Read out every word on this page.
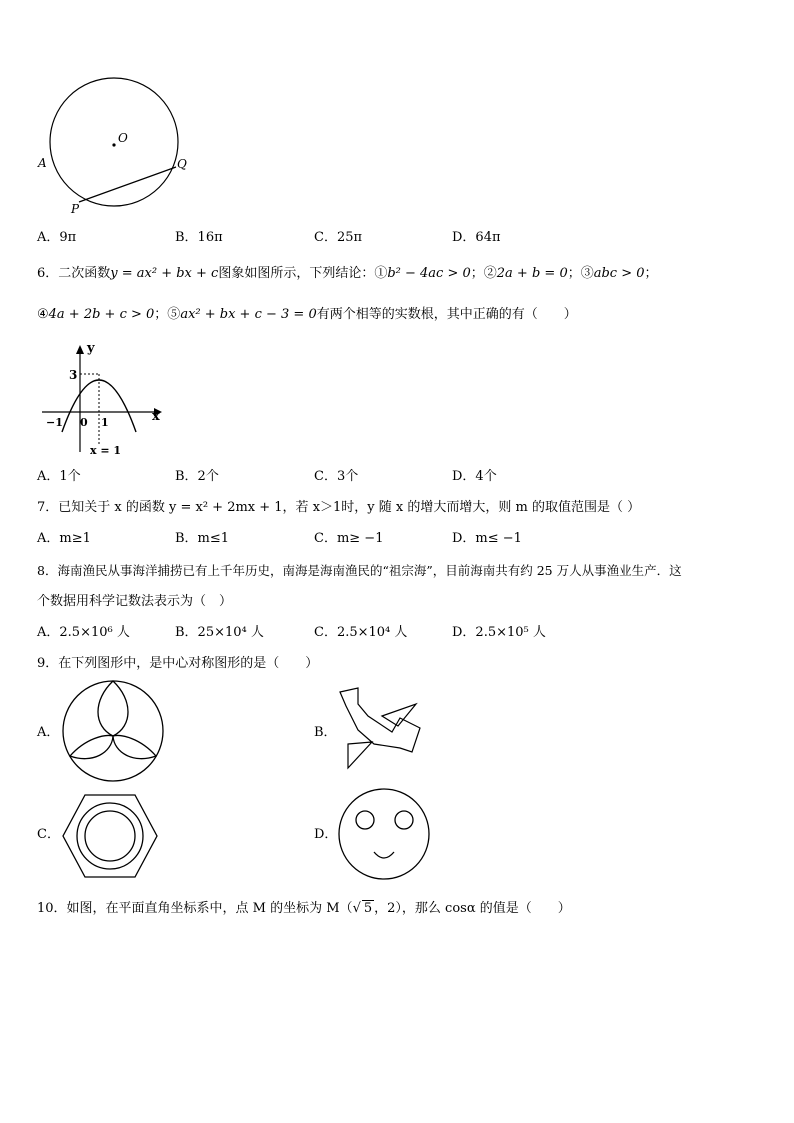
O
A	Q
P
A．9π	B．16π	C．25π	D．64π
6．二次函数y = ax² + bx + c图象如图所示，下列结论：①b² − 4ac > 0；②2a + b = 0；③abc > 0；
④4a + 2b + c > 0；⑤ax² + bx + c − 3 = 0有两个相等的实数根，其中正确的有（　　）
y
x
3
−1 0 1
x = 1
A．1个	B．2个	C．3个	D．4个
7．已知关于 x 的函数 y = x² + 2mx + 1，若 x＞1时，y 随 x 的增大而增大，则 m 的取值范围是（ ）
A．m≥1	B．m≤1	C．m≥ −1	D．m≤ −1
8．海南渔民从事海洋捕捞已有上千年历史，南海是海南渔民的“祖宗海”，目前海南共有约 25 万人从事渔业生产．这
个数据用科学记数法表示为（　）
A．2.5×10⁶ 人	B．25×10⁴ 人	C．2.5×10⁴ 人	D．2.5×10⁵ 人
9．在下列图形中，是中心对称图形的是（　　）
A．	B．
C．	D．
10．如图，在平面直角坐标系中，点 M 的坐标为 M（√ 5 ，2），那么 cosα 的值是（　　）
